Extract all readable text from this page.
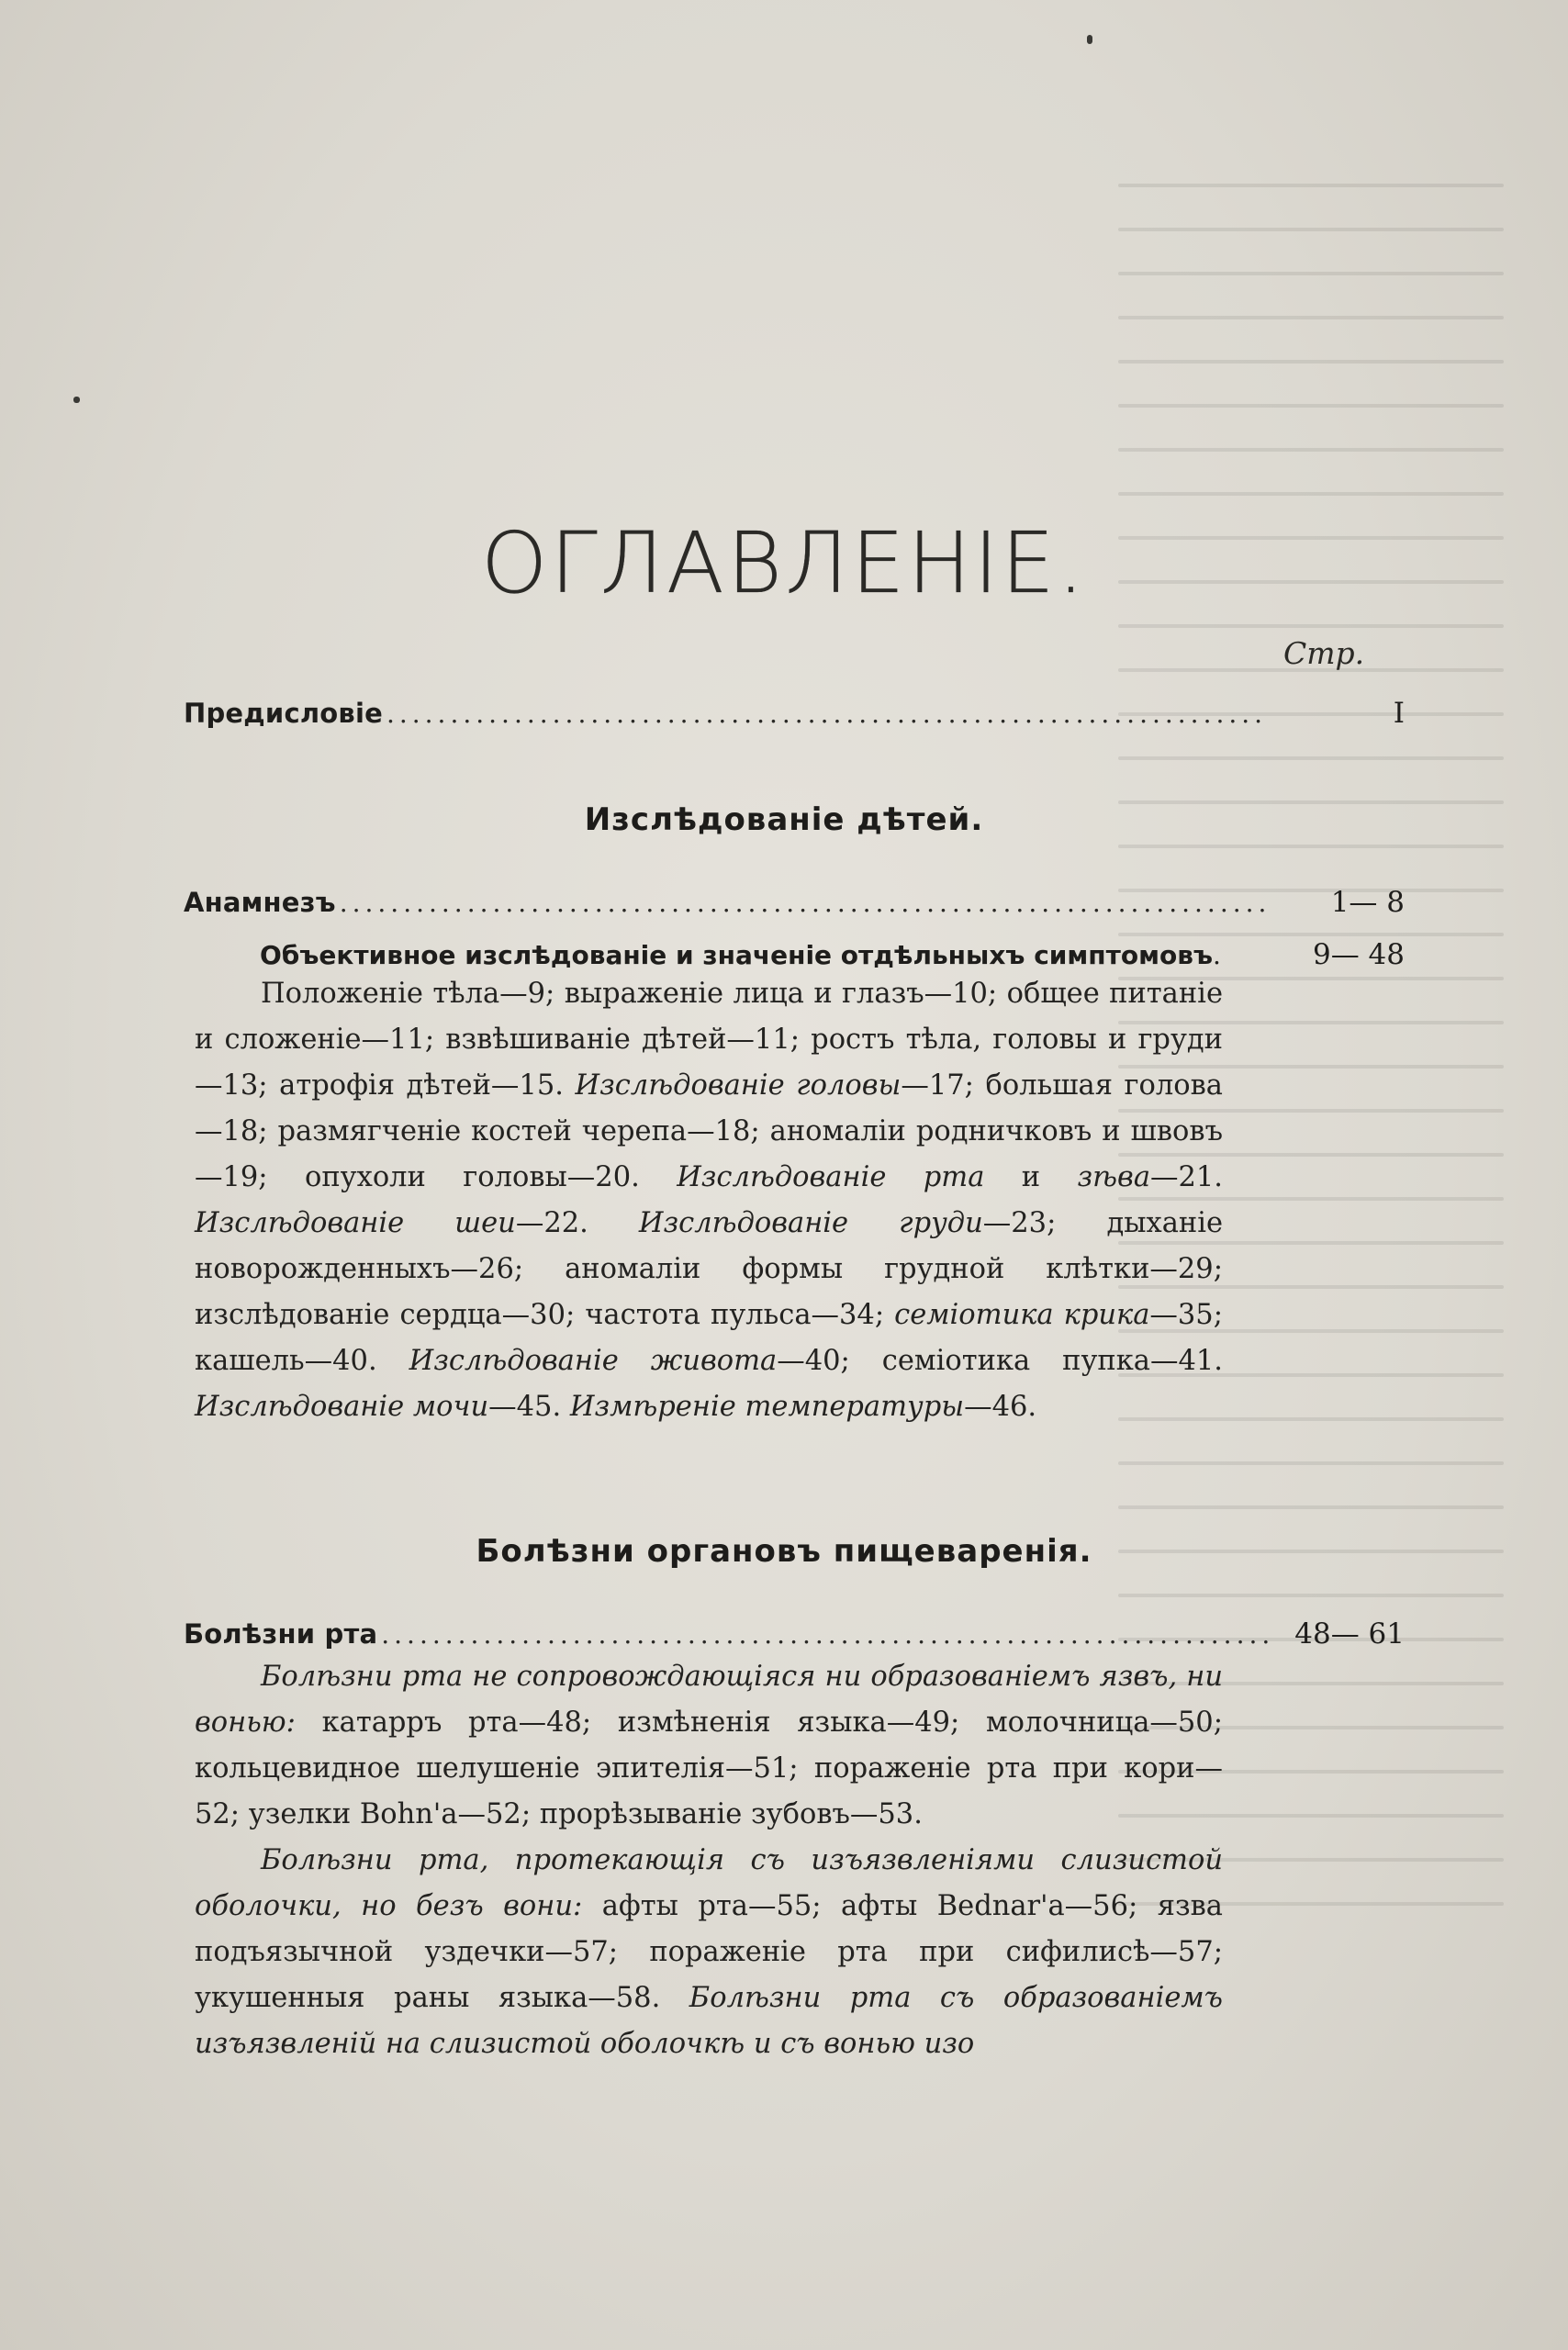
ОГЛАВЛЕНІЕ.
Стр.
Предисловіе .....	I
Изслѣдованіе дѣтей.
Анамнезъ .....	1— 8
Объективное изслѣдованіе и значеніе отдѣльныхъ симптомовъ .	9— 48

Положеніе тѣла—9; выраженіе лица и глазъ—10; общее питаніе и сложеніе—11; взвѣшиваніе дѣтей—11; ростъ тѣла, головы и груди—13; атрофія дѣтей—15. Изслѣдованіе головы—17; большая голова—18; размягченіе костей черепа—18; аномаліи родничковъ и швовъ—19; опухоли головы—20. Изслѣдованіе рта и зѣва—21. Изслѣдованіе шеи—22. Изслѣдованіе груди—23; дыханіе новорожденныхъ—26; аномаліи формы грудной клѣтки—29; изслѣдованіе сердца—30; частота пульса—34; семіотика крика—35; кашель—40. Изслѣдованіе живота—40; семіотика пупка—41. Изслѣдованіе мочи—45. Измѣреніе температуры—46.

Болѣзни органовъ пищеваренія.
Болѣзни рта .....	48— 61

Болѣзни рта не сопровождающіяся ни образованіемъ язвъ, ни вонью: катарръ рта—48; измѣненія языка—49; молочница—50; кольцевидное шелушеніе эпителія—51; пораженіе рта при кори—52; узелки Bohn'a—52; прорѣзываніе зубовъ—53.

Болѣзни рта, протекающія съ изъязвленіями слизистой оболочки, но безъ вони: афты рта—55; афты Bednar'a—56; язва подъязычной уздечки—57; пораженіе рта при сифилисѣ—57; укушенныя раны языка—58. Болѣзни рта съ образованіемъ изъязвленій на слизистой оболочкѣ и съ вонью изо
